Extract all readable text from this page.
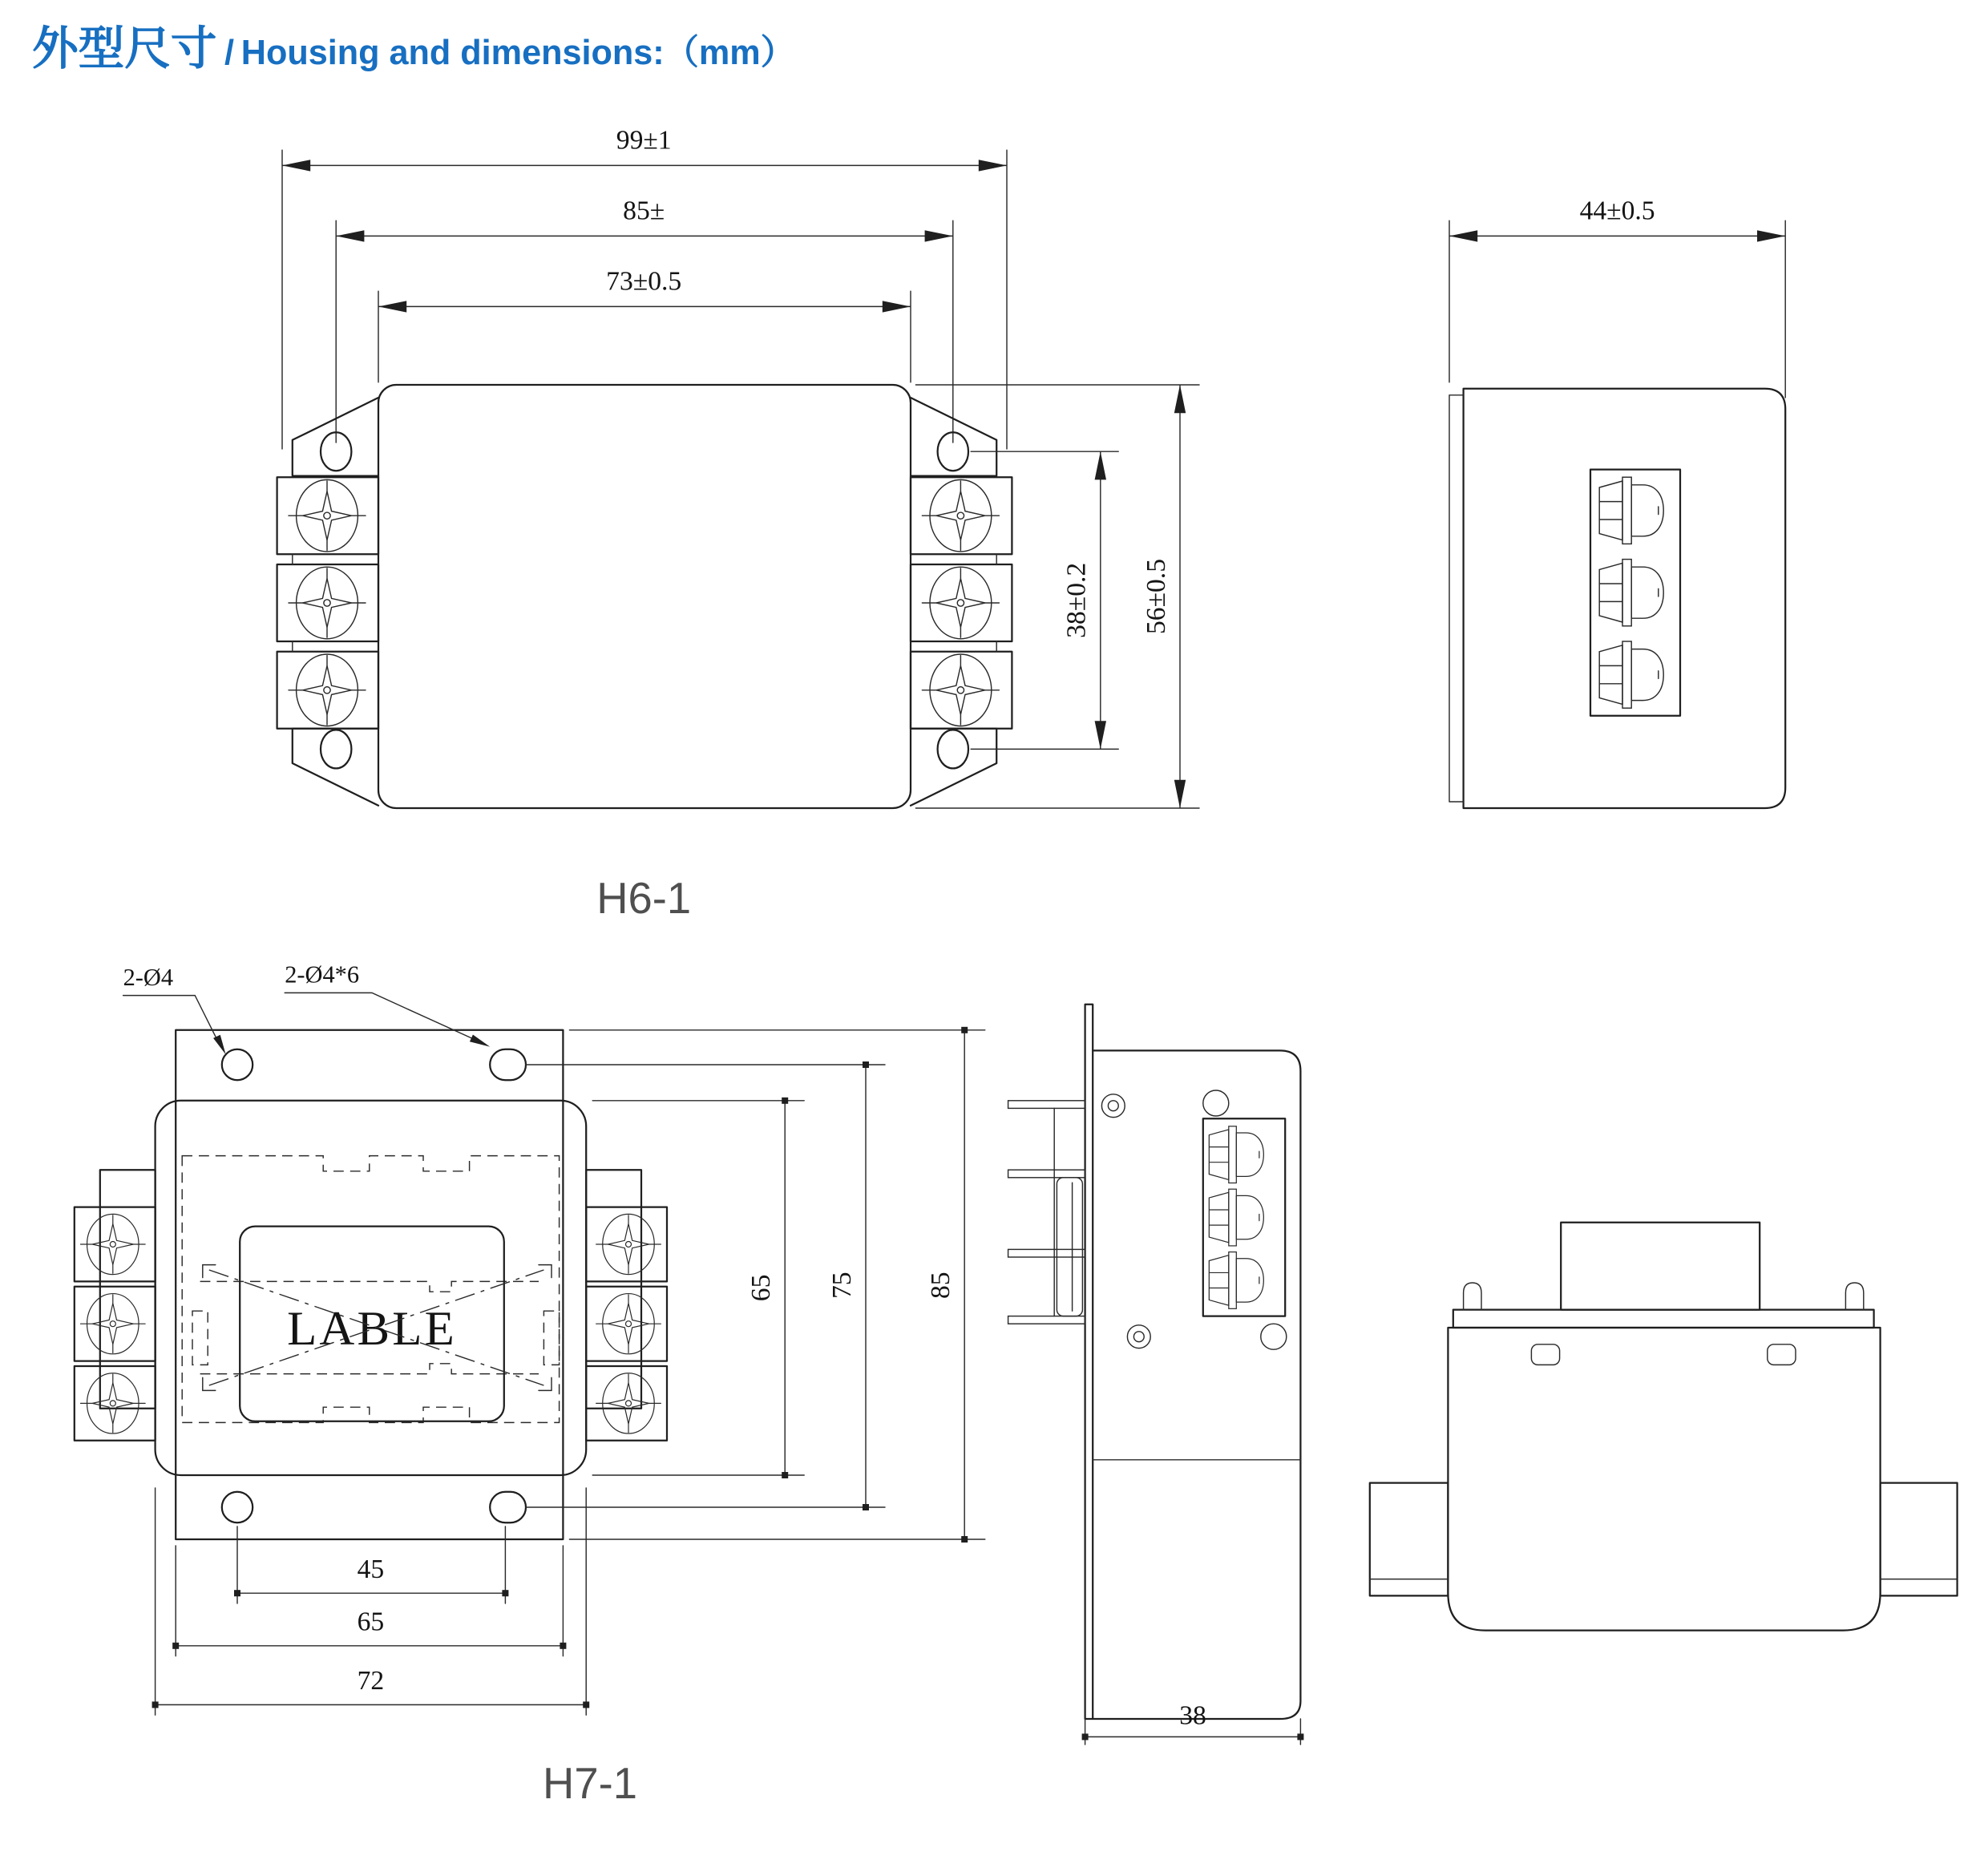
外型尺寸 / Housing and dimensions:（mm）
99±1
85±
73±0.5
38±0.2	56±0.5
44±0.5
H6-1
2-Ø4	2-Ø4*6
LABLE
65	75	85
45
65
72
38
H7-1
